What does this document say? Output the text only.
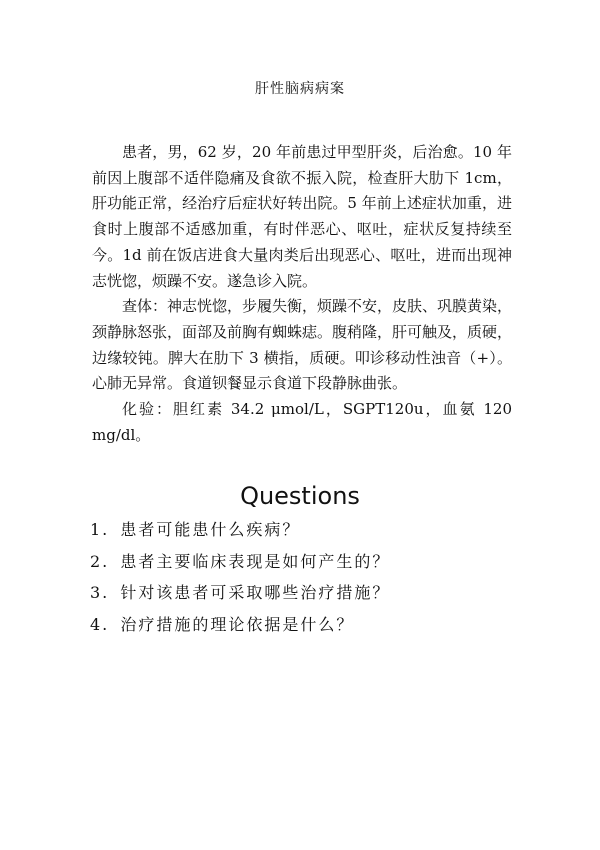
肝性脑病病案

患者，男，62 岁，20 年前患过甲型肝炎，后治愈。10 年前因上腹部不适伴隐痛及食欲不振入院，检查肝大肋下 1cm，肝功能正常，经治疗后症状好转出院。5 年前上述症状加重，进食时上腹部不适感加重，有时伴恶心、呕吐，症状反复持续至今。1d 前在饭店进食大量肉类后出现恶心、呕吐，进而出现神志恍惚，烦躁不安。遂急诊入院。

查体：神志恍惚，步履失衡，烦躁不安，皮肤、巩膜黄染，颈静脉怒张，面部及前胸有蜘蛛痣。腹稍隆，肝可触及，质硬，边缘较钝。脾大在肋下 3 横指，质硬。叩诊移动性浊音（+）。心肺无异常。食道钡餐显示食道下段静脉曲张。

化验：胆红素 34.2 μmol/L，SGPT120u，血氨 120 mg/dl。

Questions
1. 患者可能患什么疾病？
2. 患者主要临床表现是如何产生的？
3. 针对该患者可采取哪些治疗措施？
4. 治疗措施的理论依据是什么？
